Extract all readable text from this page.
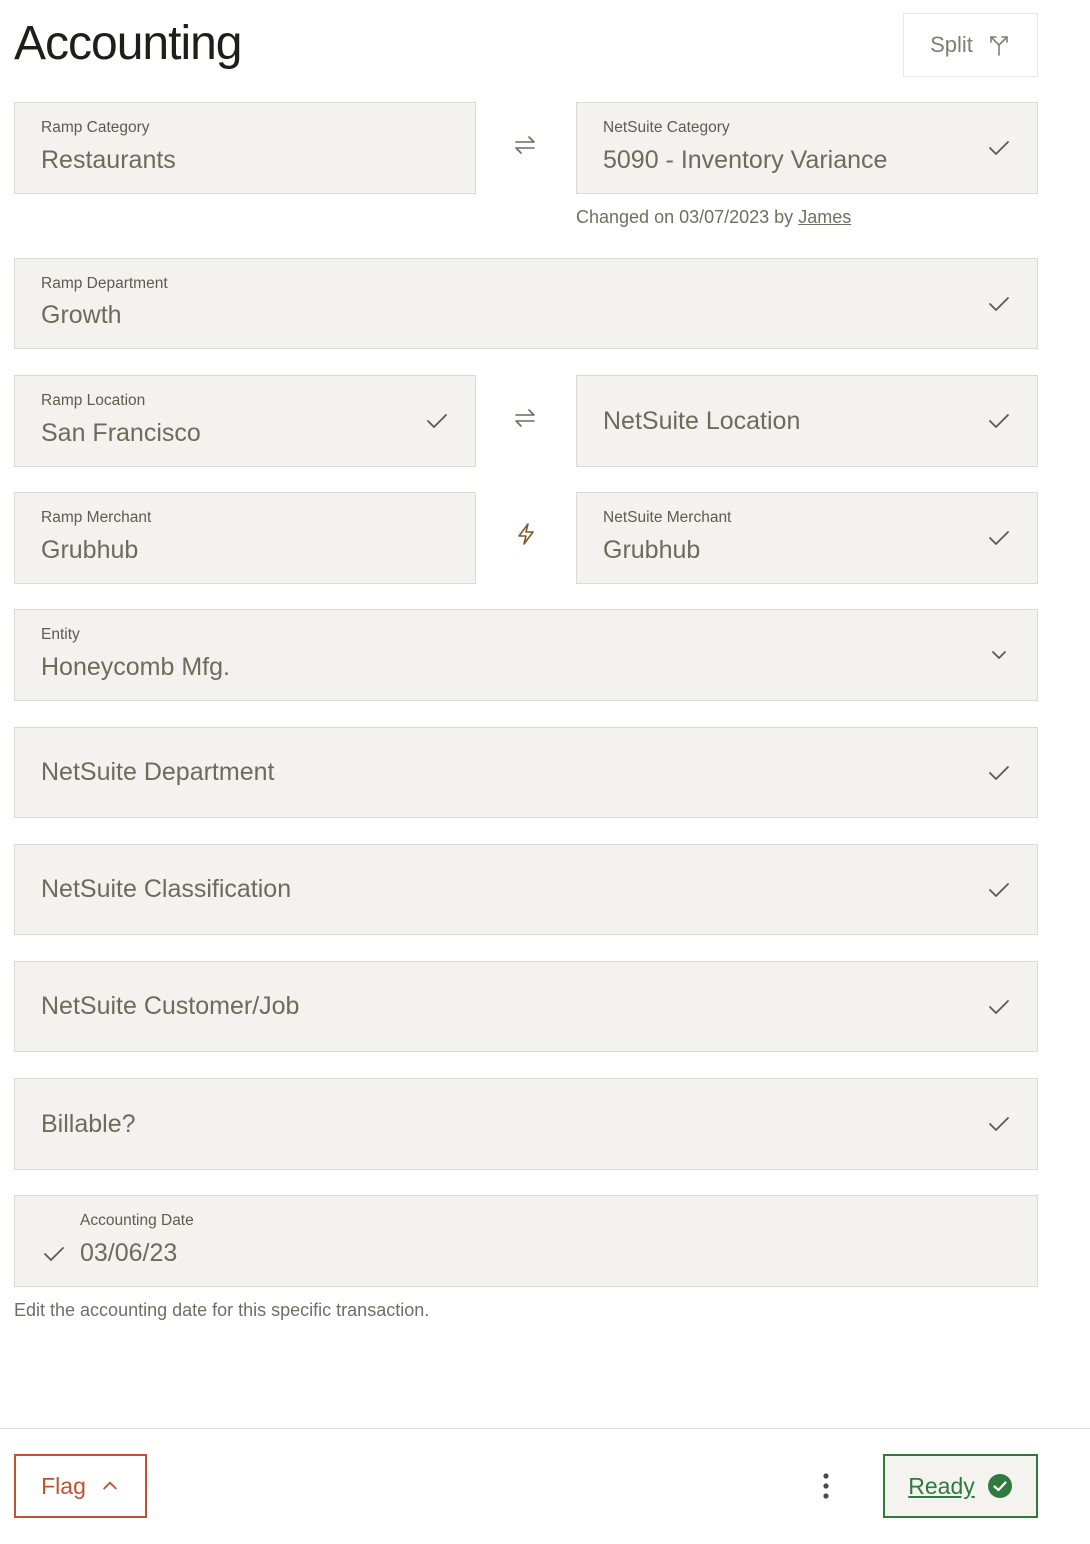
Accounting	Split
Ramp Category
Restaurants
NetSuite Category
5090 - Inventory Variance
Changed on 03/07/2023 by James
Ramp Department
Growth
Ramp Location
San Francisco	NetSuite Location
Ramp Merchant
Grubhub
NetSuite Merchant
Grubhub
Entity
Honeycomb Mfg.
NetSuite Department
NetSuite Classification
NetSuite Customer/Job
Billable?
Accounting Date
03/06/23
Edit the accounting date for this specific transaction.
Flag	Ready
